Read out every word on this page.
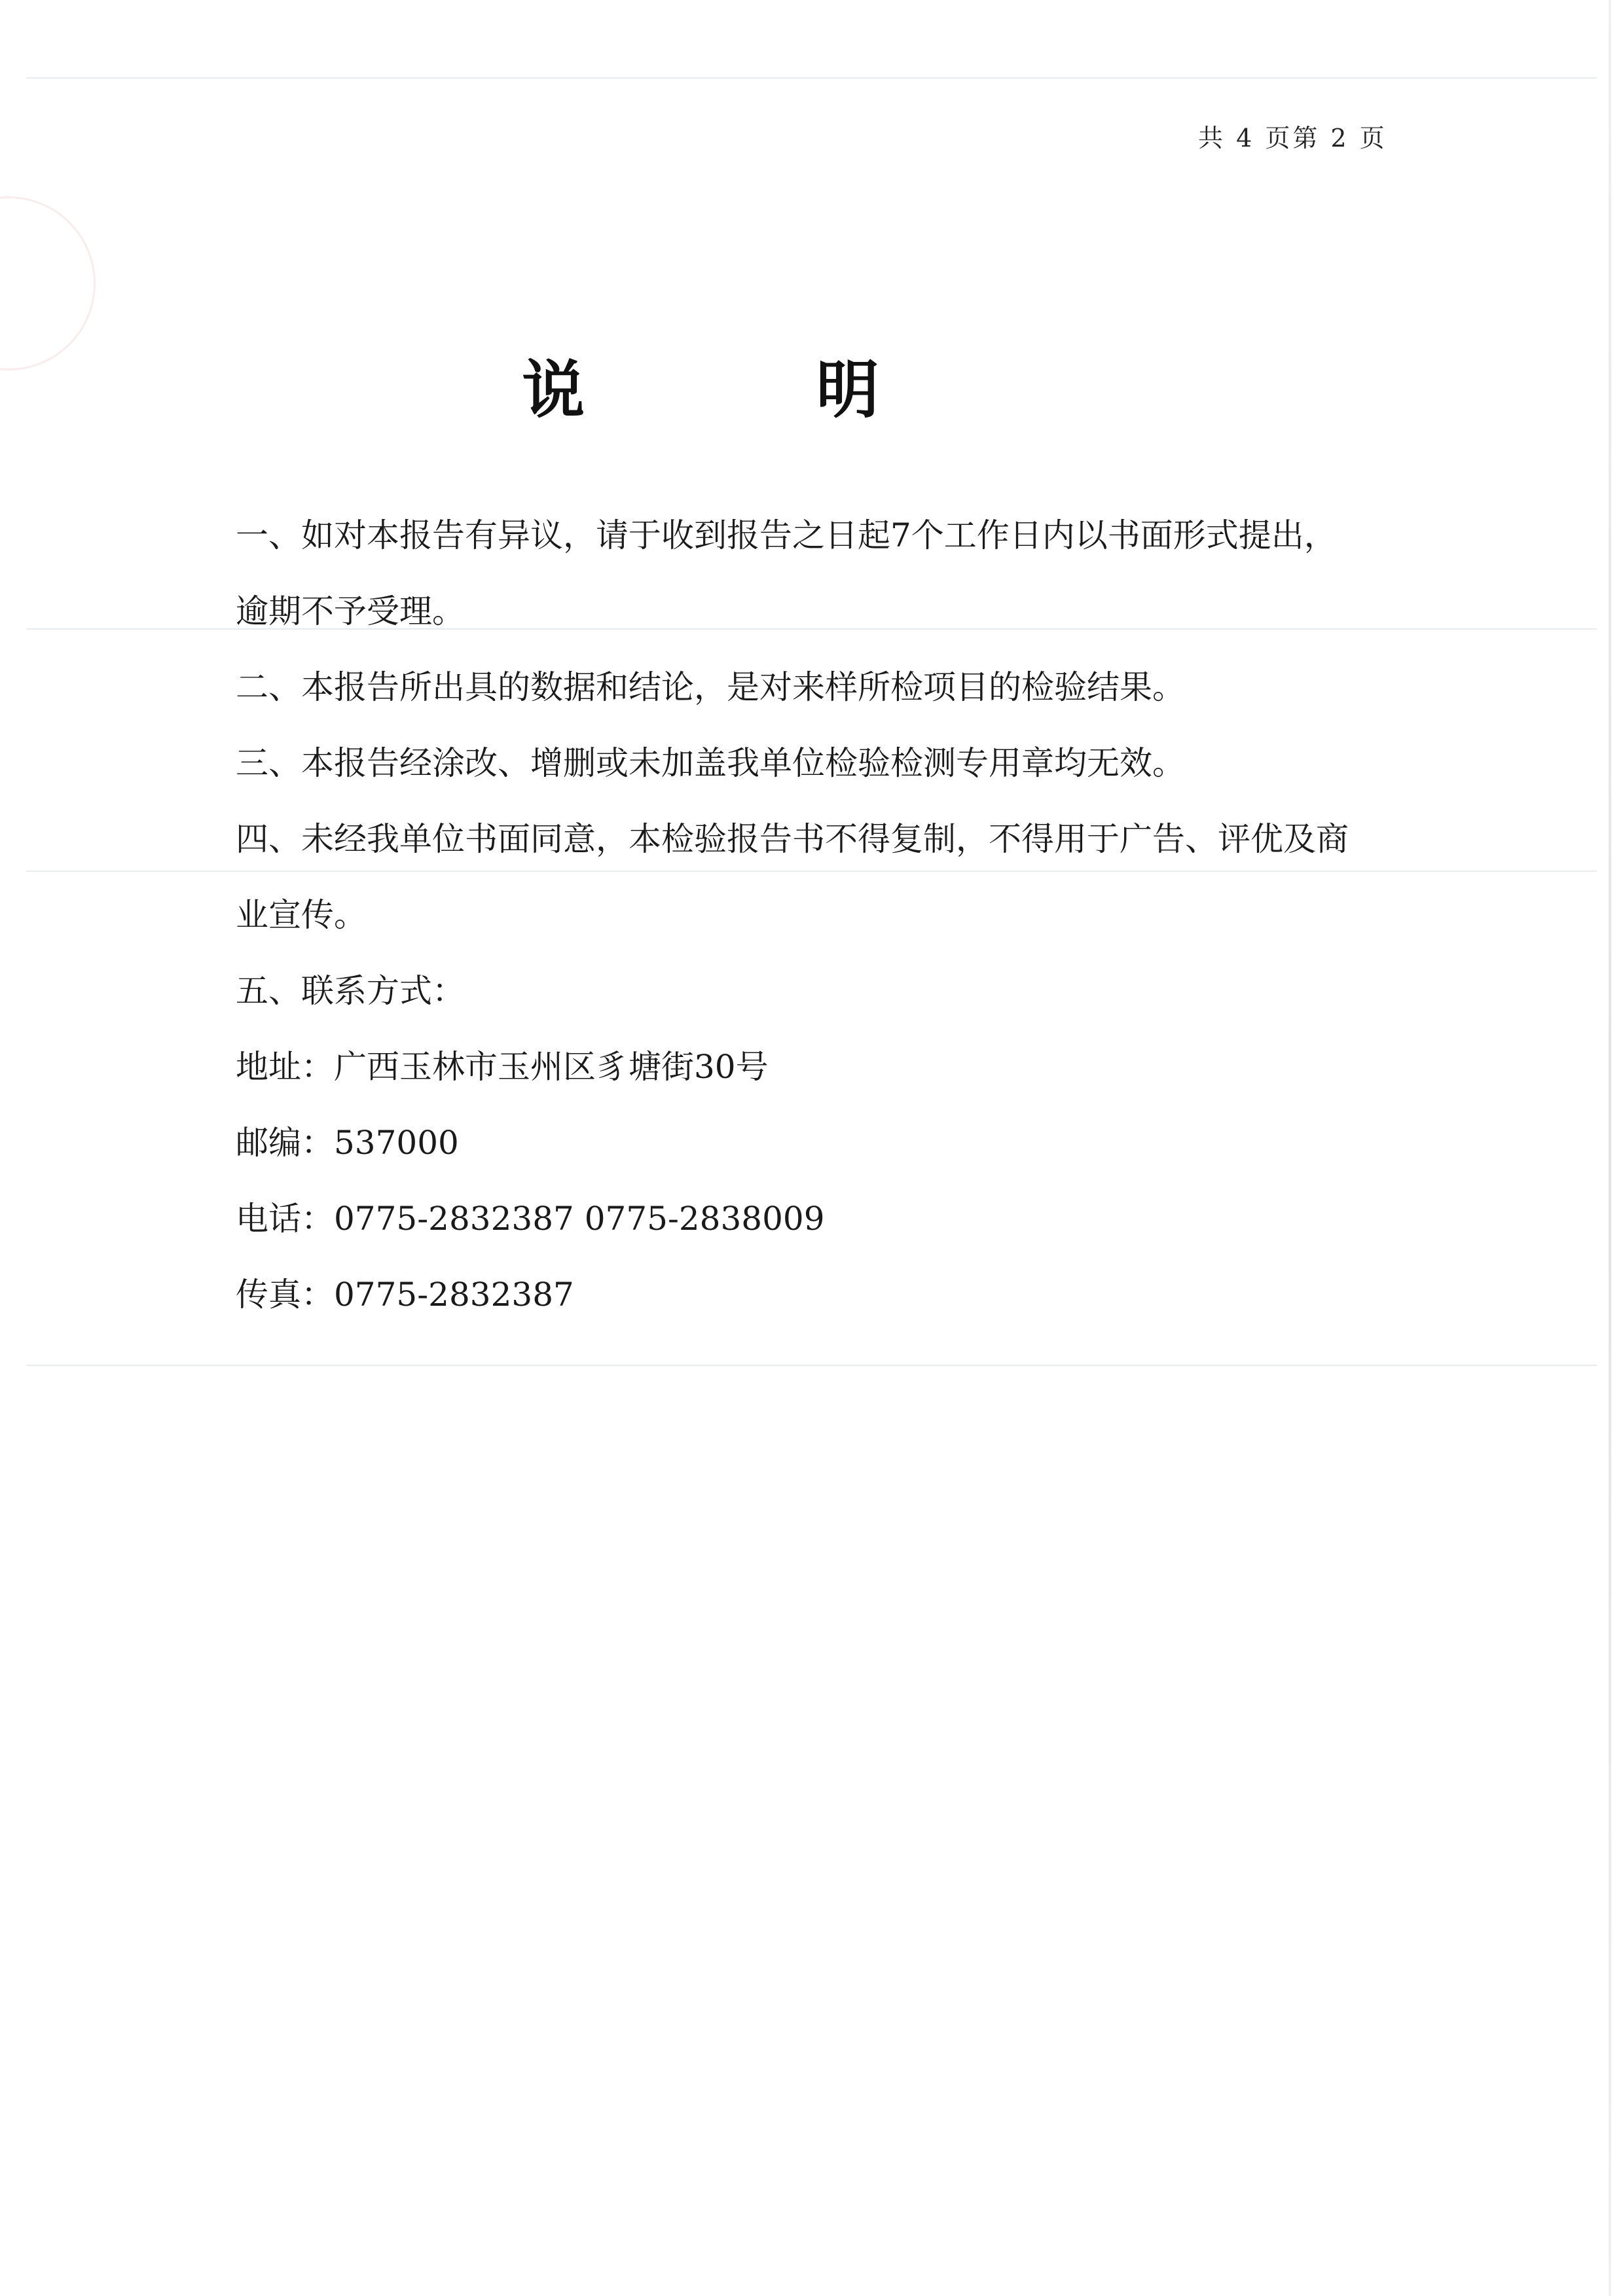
共 4 页第 2 页
说 明

一、如对本报告有异议，请于收到报告之日起7个工作日内以书面形式提出，逾期不予受理。

二、本报告所出具的数据和结论，是对来样所检项目的检验结果。

三、本报告经涂改、增删或未加盖我单位检验检测专用章均无效。

四、未经我单位书面同意，本检验报告书不得复制，不得用于广告、评优及商业宣传。

五、联系方式：

地址：广西玉林市玉州区豸塘街30号
邮编：537000
电话：0775-2832387 0775-2838009
传真：0775-2832387
